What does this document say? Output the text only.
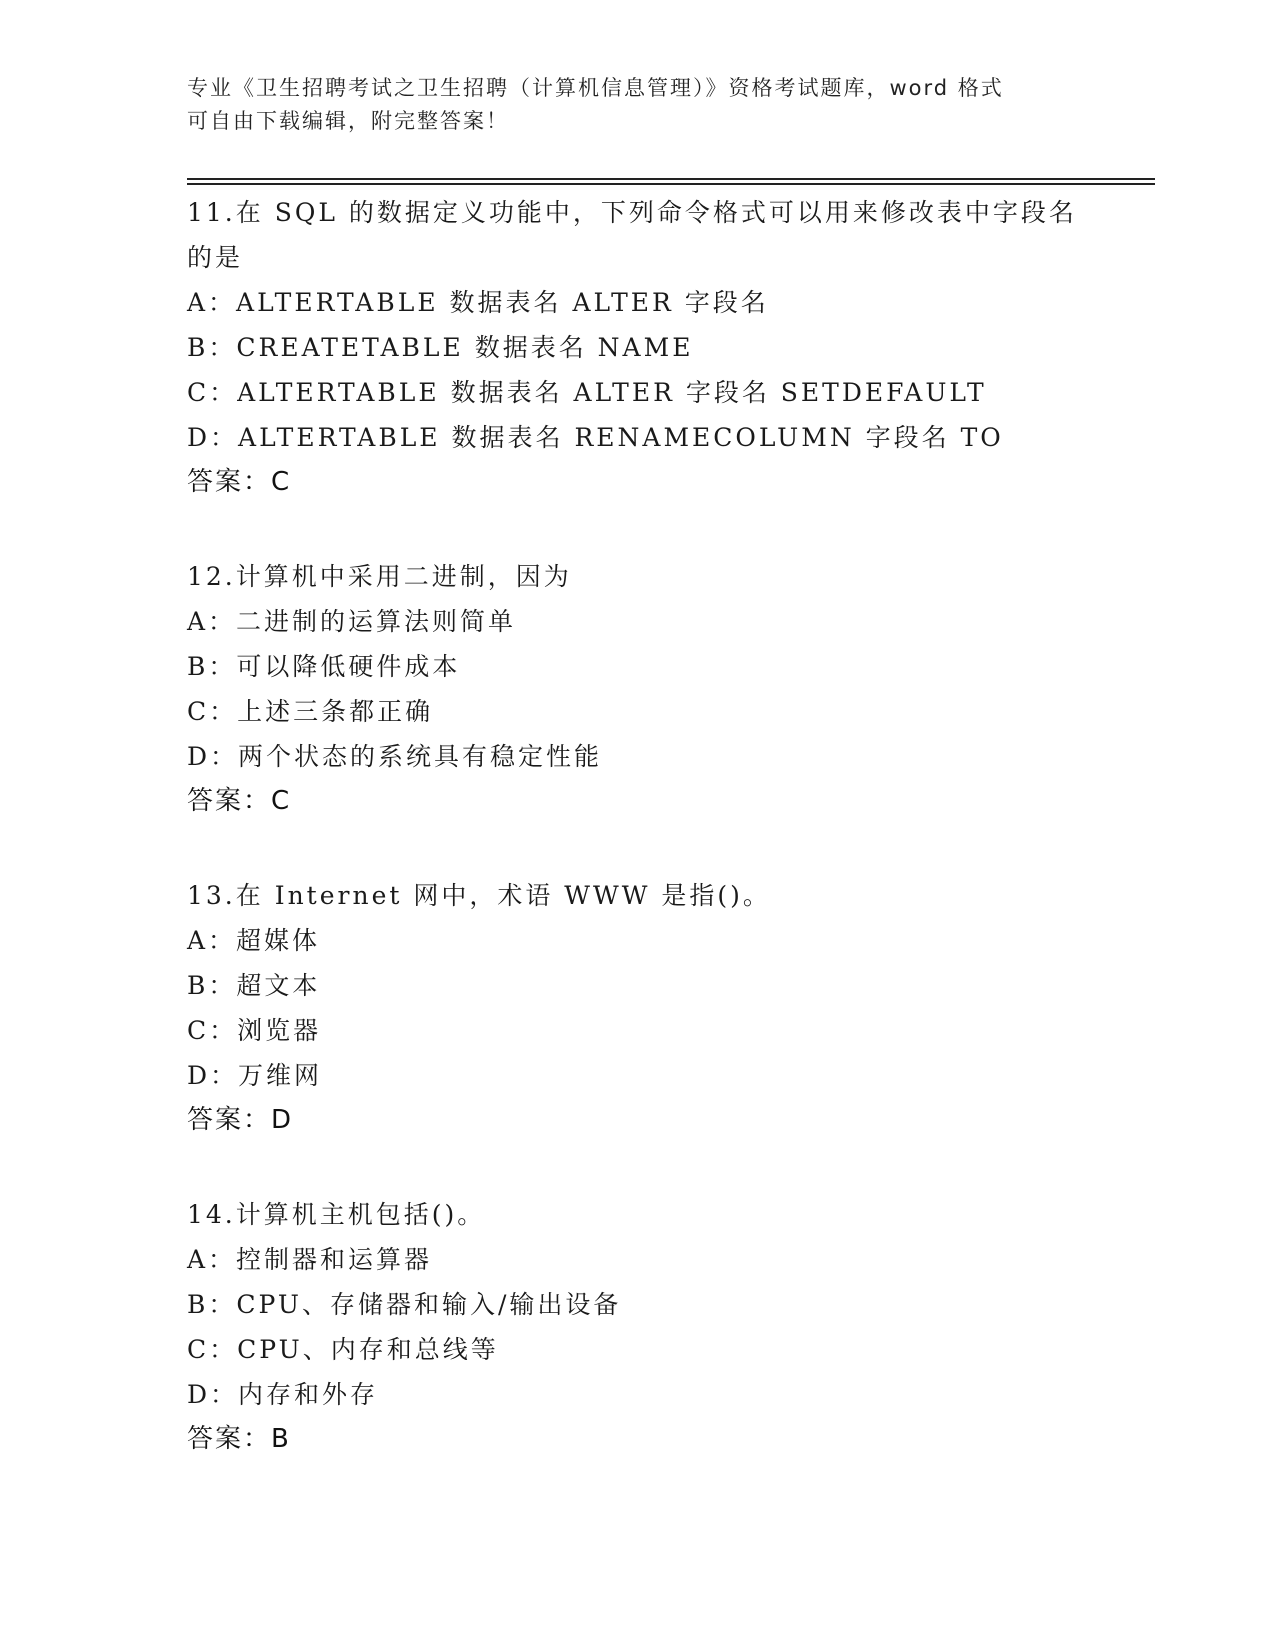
专业《卫生招聘考试之卫生招聘（计算机信息管理）》资格考试题库，word 格式
可自由下载编辑，附完整答案！
11.在 SQL 的数据定义功能中，下列命令格式可以用来修改表中字段名
的是
A：ALTERTABLE 数据表名 ALTER 字段名
B：CREATETABLE 数据表名 NAME
C：ALTERTABLE 数据表名 ALTER 字段名 SETDEFAULT
D：ALTERTABLE 数据表名 RENAMECOLUMN 字段名 TO
答案：C
12.计算机中采用二进制，因为
A：二进制的运算法则简单
B：可以降低硬件成本
C：上述三条都正确
D：两个状态的系统具有稳定性能
答案：C
13.在 Internet 网中，术语 WWW 是指()。
A：超媒体
B：超文本
C：浏览器
D：万维网
答案：D
14.计算机主机包括()。
A：控制器和运算器
B：CPU、存储器和输入/输出设备
C：CPU、内存和总线等
D：内存和外存
答案：B
